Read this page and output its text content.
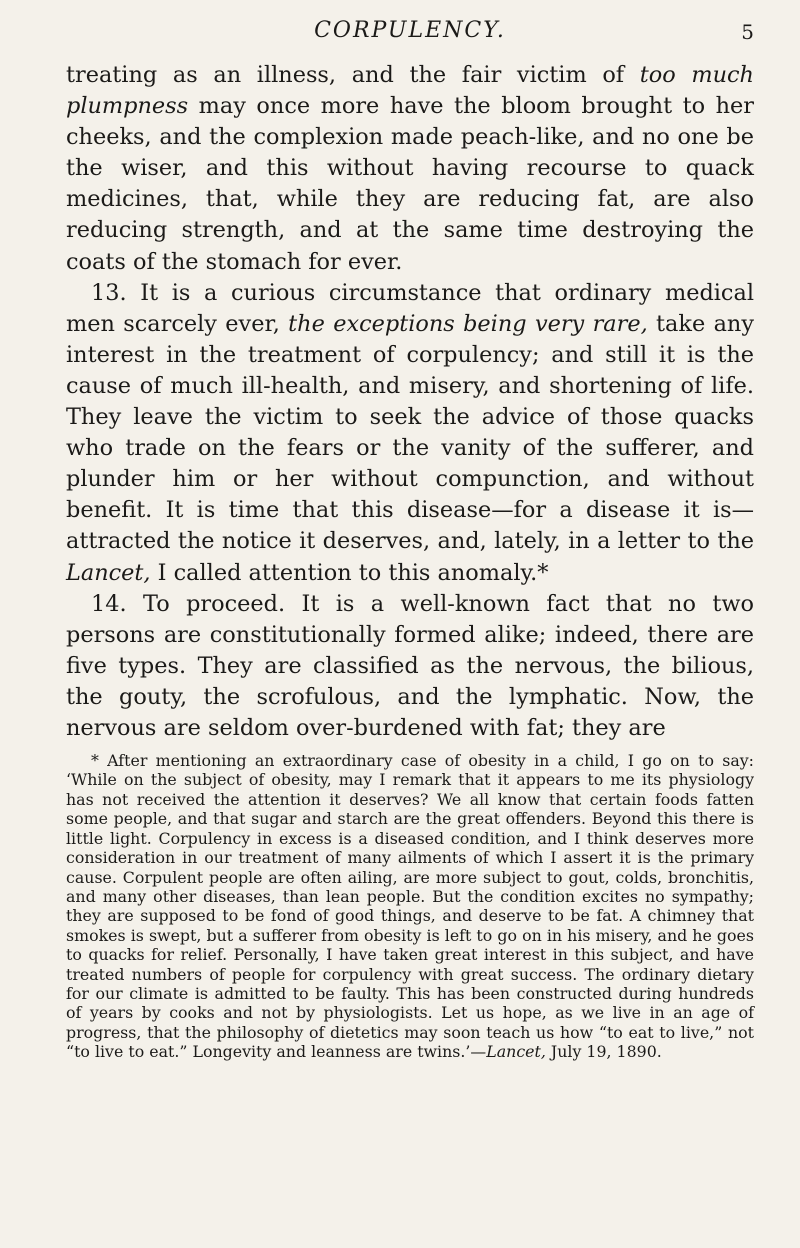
CORPULENCY.	5

treating as an illness, and the fair victim of too much plumpness may once more have the bloom brought to her cheeks, and the complexion made peach-like, and no one be the wiser, and this without having recourse to quack medicines, that, while they are reducing fat, are also reducing strength, and at the same time destroying the coats of the stomach for ever.

13. It is a curious circumstance that ordinary medical men scarcely ever, the exceptions being very rare, take any interest in the treatment of corpulency; and still it is the cause of much ill-health, and misery, and shortening of life. They leave the victim to seek the advice of those quacks who trade on the fears or the vanity of the sufferer, and plunder him or her without compunction, and without benefit. It is time that this disease—for a disease it is—attracted the notice it deserves, and, lately, in a letter to the Lancet, I called attention to this anomaly.*

14. To proceed. It is a well-known fact that no two persons are constitutionally formed alike; indeed, there are five types. They are classified as the nervous, the bilious, the gouty, the scrofulous, and the lymphatic. Now, the nervous are seldom over-burdened with fat; they are

* After mentioning an extraordinary case of obesity in a child, I go on to say: ‘While on the subject of obesity, may I remark that it appears to me its physiology has not received the attention it deserves? We all know that certain foods fatten some people, and that sugar and starch are the great offenders. Beyond this there is little light. Corpulency in excess is a diseased condition, and I think deserves more consideration in our treatment of many ailments of which I assert it is the primary cause. Corpulent people are often ailing, are more subject to gout, colds, bronchitis, and many other diseases, than lean people. But the condition excites no sympathy; they are supposed to be fond of good things, and deserve to be fat. A chimney that smokes is swept, but a sufferer from obesity is left to go on in his misery, and he goes to quacks for relief. Personally, I have taken great interest in this subject, and have treated numbers of people for corpulency with great success. The ordinary dietary for our climate is admitted to be faulty. This has been constructed during hundreds of years by cooks and not by physiologists. Let us hope, as we live in an age of progress, that the philosophy of dietetics may soon teach us how “to eat to live,” not “to live to eat.” Longevity and leanness are twins.’—Lancet, July 19, 1890.
